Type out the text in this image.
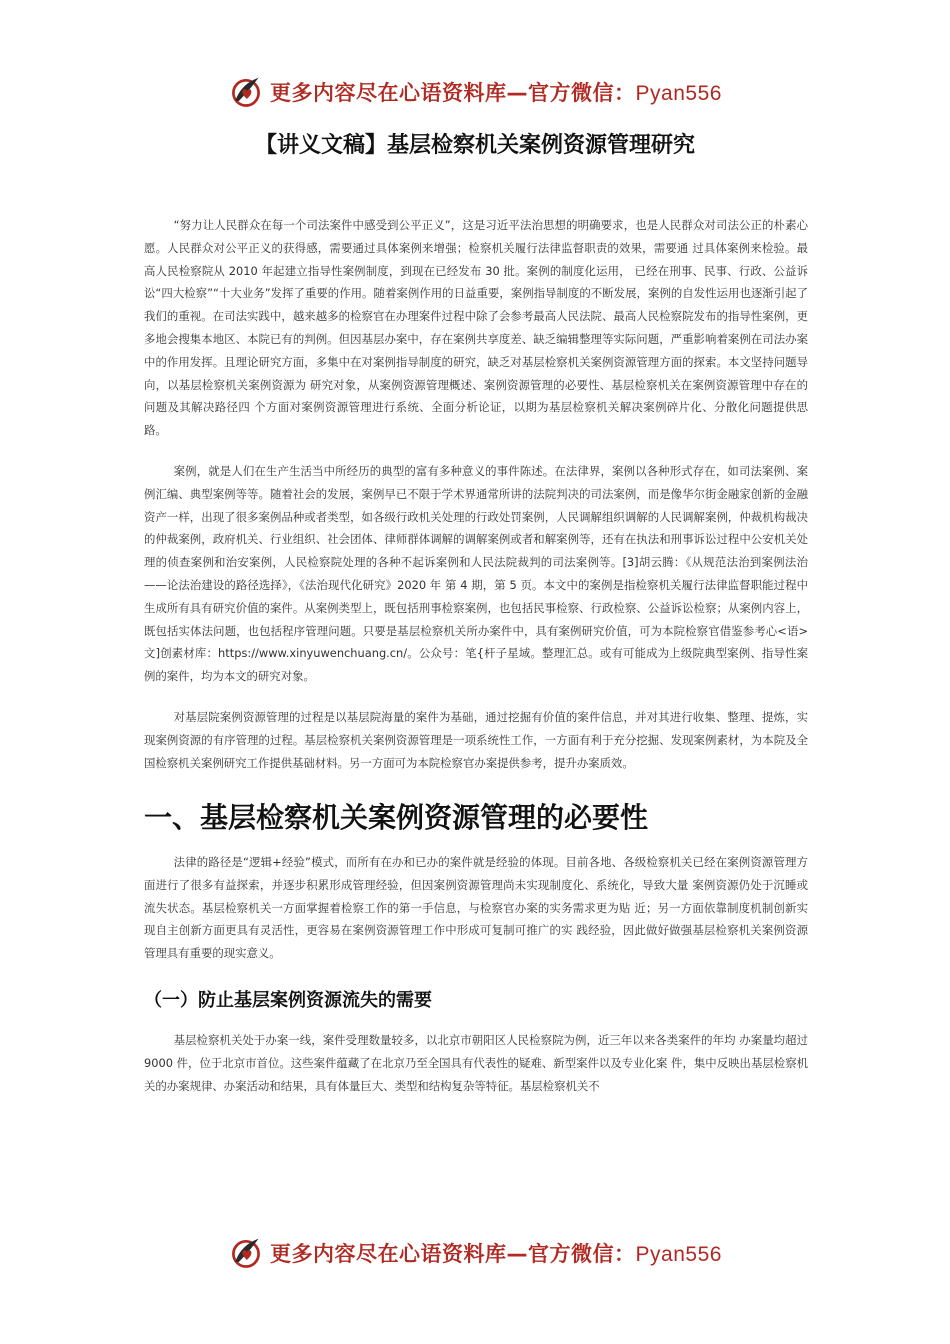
更多内容尽在心语资料库—官方微信：Pyan556
【讲义文稿】基层检察机关案例资源管理研究

“努力让人民群众在每一个司法案件中感受到公平正义”，这是习近平法治思想的明确要求，也是人民群众对司法公正的朴素心愿。人民群众对公平正义的获得感，需要通过具体案例来增强；检察机关履行法律监督职责的效果，需要通 过具体案例来检验。最高人民检察院从 2010 年起建立指导性案例制度，到现在已经发布 30 批。案例的制度化运用， 已经在刑事、民事、行政、公益诉讼“四大检察”“十大业务”发挥了重要的作用。随着案例作用的日益重要，案例指导制度的不断发展，案例的自发性运用也逐渐引起了我们的重视。在司法实践中，越来越多的检察官在办理案件过程中除了会参考最高人民法院、最高人民检察院发布的指导性案例，更多地会搜集本地区、本院已有的判例。但因基层办案中，存在案例共享度差、缺乏编辑整理等实际问题，严重影响着案例在司法办案中的作用发挥。且理论研究方面，多集中在对案例指导制度的研究，缺乏对基层检察机关案例资源管理方面的探索。本文坚持问题导向，以基层检察机关案例资源为 研究对象，从案例资源管理概述、案例资源管理的必要性、基层检察机关在案例资源管理中存在的问题及其解决路径四 个方面对案例资源管理进行系统、全面分析论证，以期为基层检察机关解决案例碎片化、分散化问题提供思路。

案例，就是人们在生产生活当中所经历的典型的富有多种意义的事件陈述。在法律界，案例以各种形式存在，如司法案例、案例汇编、典型案例等等。随着社会的发展，案例早已不限于学术界通常所讲的法院判决的司法案例，而是像华尔街金融家创新的金融资产一样，出现了很多案例品种或者类型，如各级行政机关处理的行政处罚案例，人民调解组织调解的人民调解案例，仲裁机构裁决的仲裁案例，政府机关、行业组织、社会团体、律师群体调解的调解案例或者和解案例等，还有在执法和刑事诉讼过程中公安机关处理的侦查案例和治安案例，人民检察院处理的各种不起诉案例和人民法院裁判的司法案例等。[3]胡云腾：《从规范法治到案例法治——论法治建设的路径选择》，《法治现代化研究》2020 年 第 4 期，第 5 页。本文中的案例是指检察机关履行法律监督职能过程中生成所有具有研究价值的案件。从案例类型上，既包括刑事检察案例，也包括民事检察、行政检察、公益诉讼检察；从案例内容上，既包括实体法问题，也包括程序管理问题。只要是基层检察机关所办案件中，具有案例研究价值，可为本院检察官借鉴参考心<语>文]创素材库：https://www.xinyuwenchuang.cn/。公众号：笔{杆子星域。整理汇总。或有可能成为上级院典型案例、指导性案例的案件，均为本文的研究对象。

对基层院案例资源管理的过程是以基层院海量的案件为基础，通过挖掘有价值的案件信息，并对其进行收集、整理、提炼，实现案例资源的有序管理的过程。基层检察机关案例资源管理是一项系统性工作，一方面有利于充分挖掘、发现案例素材，为本院及全国检察机关案例研究工作提供基础材料。另一方面可为本院检察官办案提供参考，提升办案质效。

一、基层检察机关案例资源管理的必要性

法律的路径是“逻辑+经验”模式，而所有在办和已办的案件就是经验的体现。目前各地、各级检察机关已经在案例资源管理方面进行了很多有益探索，并逐步积累形成管理经验，但因案例资源管理尚未实现制度化、系统化，导致大量 案例资源仍处于沉睡或流失状态。基层检察机关一方面掌握着检察工作的第一手信息，与检察官办案的实务需求更为贴 近；另一方面依靠制度机制创新实现自主创新方面更具有灵活性，更容易在案例资源管理工作中形成可复制可推广的实 践经验，因此做好做强基层检察机关案例资源管理具有重要的现实意义。

（一）防止基层案例资源流失的需要

基层检察机关处于办案一线，案件受理数量较多，以北京市朝阳区人民检察院为例，近三年以来各类案件的年均 办案量均超过 9000 件，位于北京市首位。这些案件蕴藏了在北京乃至全国具有代表性的疑难、新型案件以及专业化案 件，集中反映出基层检察机关的办案规律、办案活动和结果，具有体量巨大、类型和结构复杂等特征。基层检察机关不

更多内容尽在心语资料库—官方微信：Pyan556
